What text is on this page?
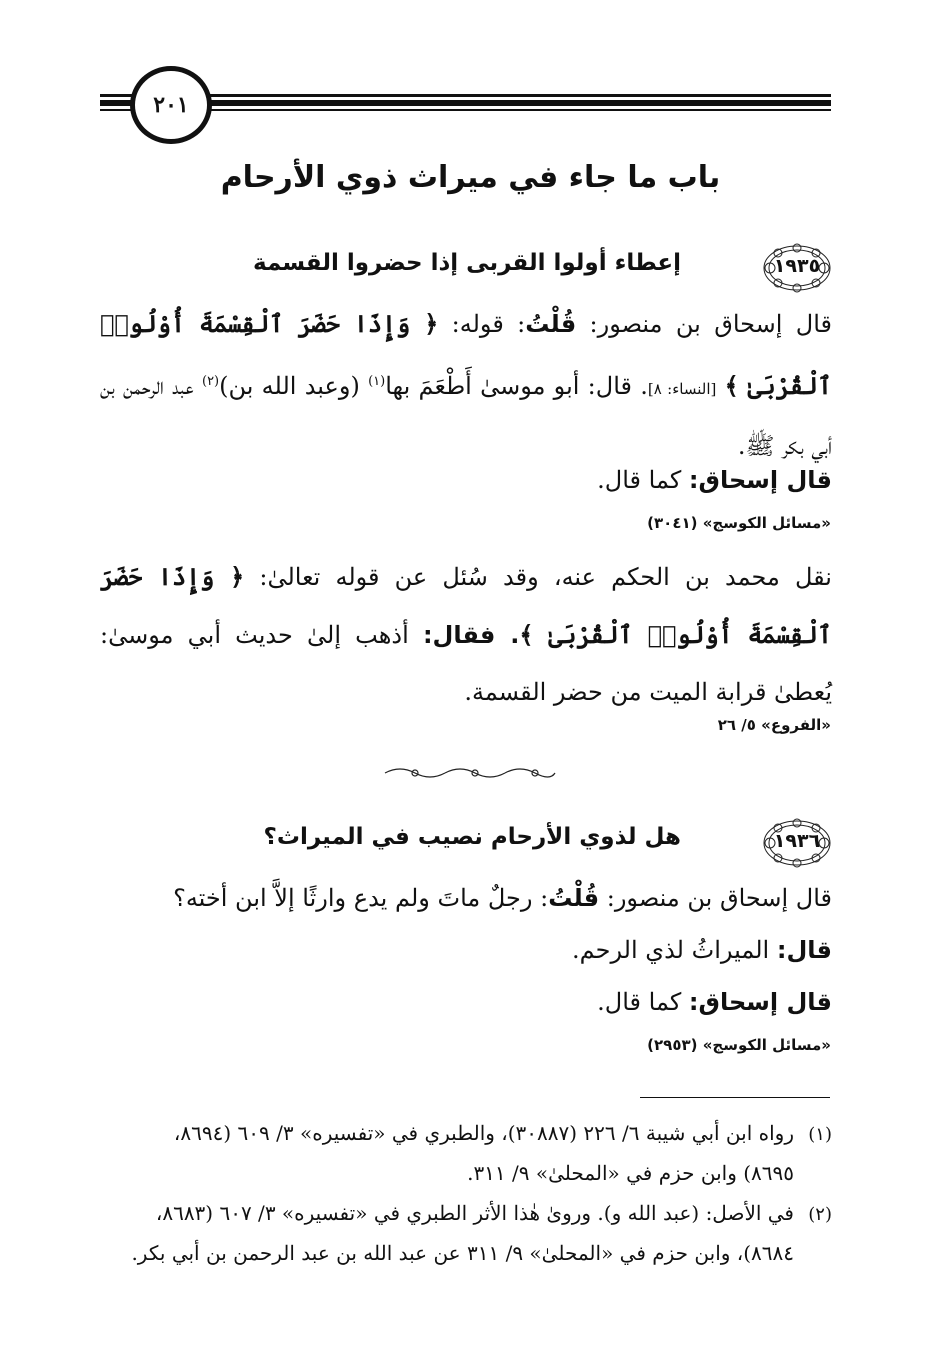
٢٠١
باب ما جاء في ميراث ذوي الأرحام
١٩٣٥
إعطاء أولوا القربى إذا حضروا القسمة
قال إسحاق بن منصور: قُلْتُ: قوله: ﴿ وَإِذَا حَضَرَ ٱلْقِسْمَةَ أُوْلُوا۟ ٱلْقُرْبَىٰ ﴾ [النساء: ٨]. قال: أبو موسىٰ أَطْعَمَ بها$^{(١)}$ (وعبد الله بن)$^{(٢)}$ عبد الرحمن بن أبي بكر ﷺ.
قال إسحاق: كما قال.
«مسائل الكوسج» (٣٠٤١)
نقل محمد بن الحكم عنه، وقد سُئل عن قوله تعالىٰ: ﴿ وَإِذَا حَضَرَ ٱلْقِسْمَةَ أُوْلُوا۟ ٱلْقُرْبَىٰ ﴾. فقال: أذهب إلىٰ حديث أبي موسىٰ: يُعطىٰ قرابة الميت من حضر القسمة.
«الفروع» ٥/ ٢٦
١٩٣٦
هل لذوي الأرحام نصيب في الميراث؟
قال إسحاق بن منصور: قُلْتُ: رجلٌ ماتَ ولم يدع وارثًا إلاَّ ابن أخته؟
قال: الميراثُ لذي الرحم.
قال إسحاق: كما قال.
«مسائل الكوسج» (٢٩٥٣)
(١)رواه ابن أبي شيبة ٦/ ٢٢٦ (٣٠٨٨٧)، والطبري في «تفسيره» ٣/ ٦٠٩ (٨٦٩٤،
٨٦٩٥) وابن حزم في «المحلىٰ» ٩/ ٣١١.
(٢)في الأصل: (عبد الله و). وروىٰ هٰذا الأثر الطبري في «تفسيره» ٣/ ٦٠٧ (٨٦٨٣،
٨٦٨٤)، وابن حزم في «المحلىٰ» ٩/ ٣١١ عن عبد الله بن عبد الرحمن بن أبي بكر.
